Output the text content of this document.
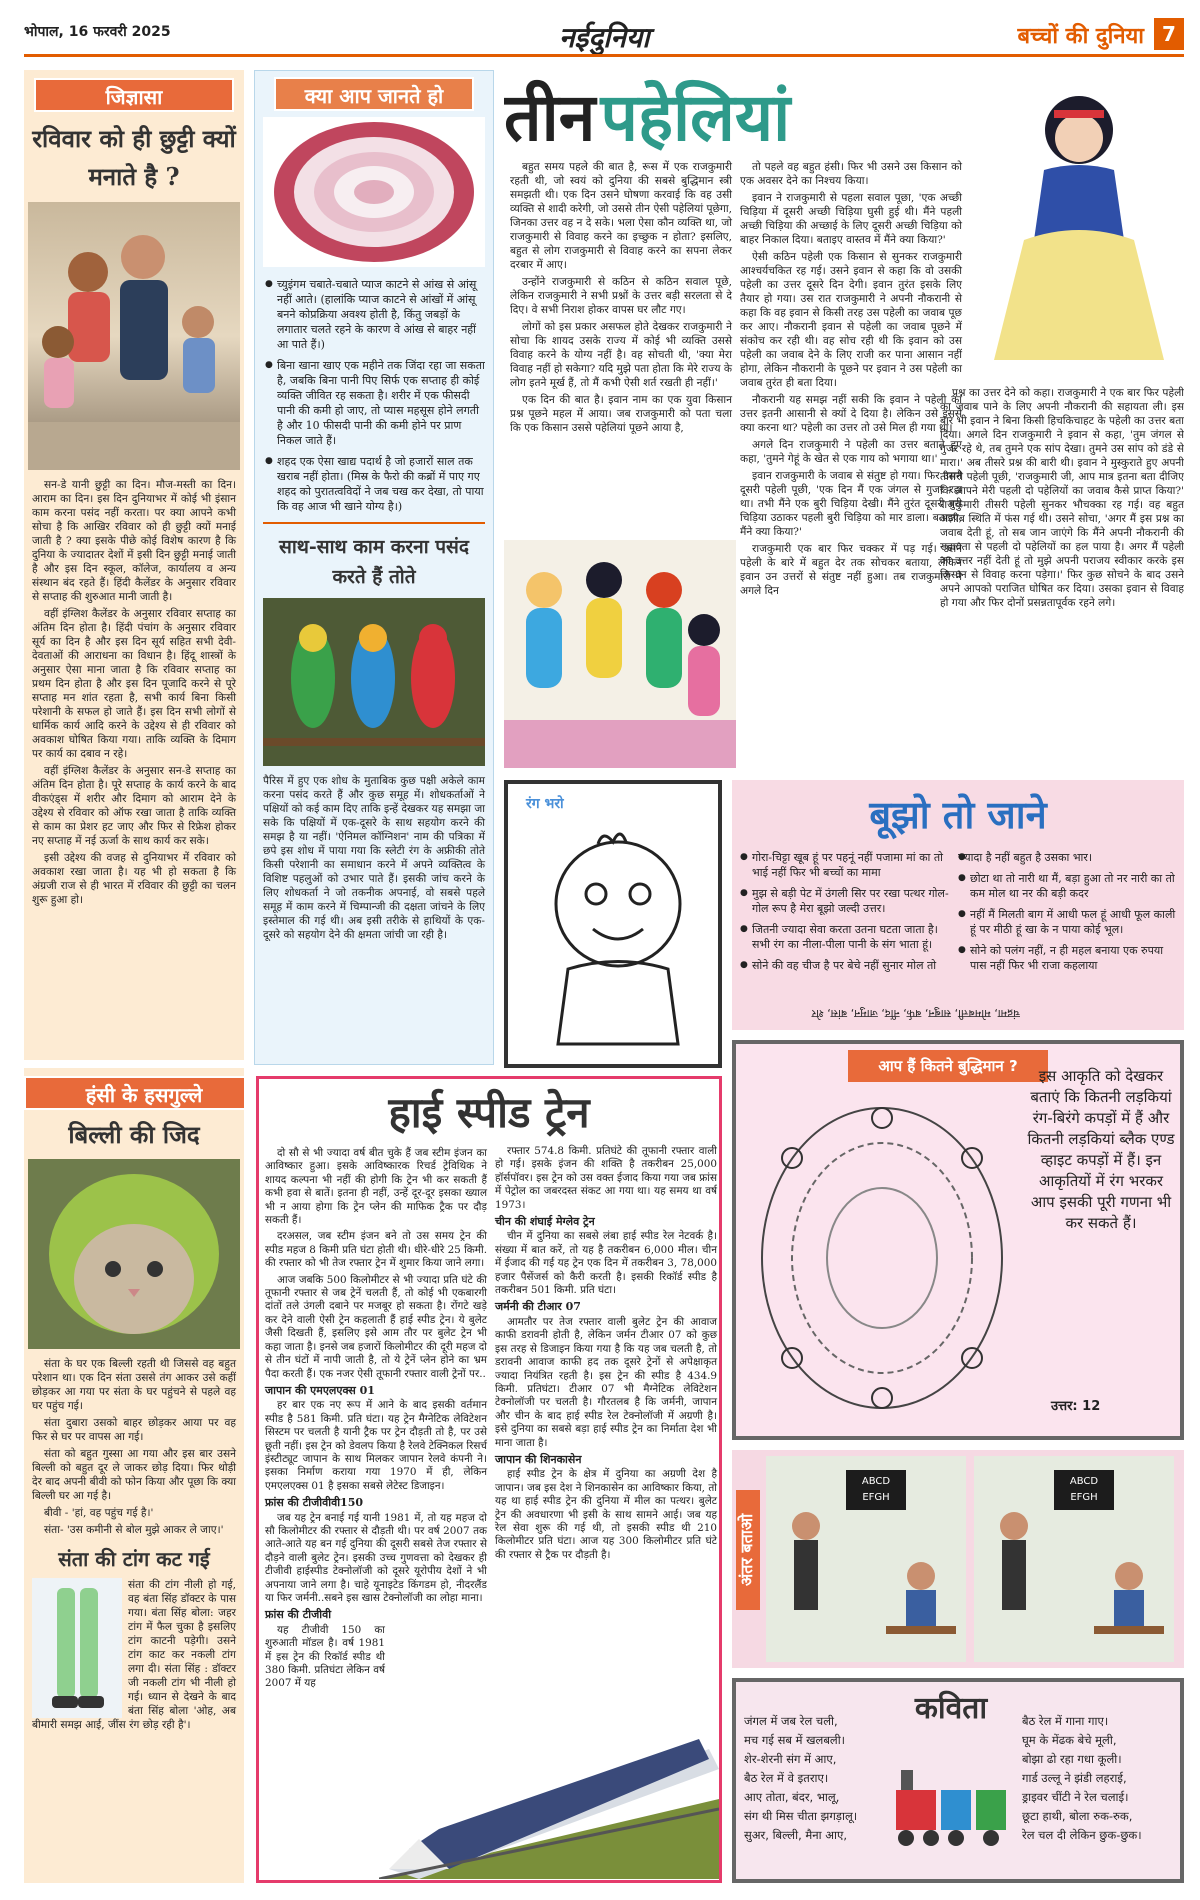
भोपाल, 16 फरवरी 2025	नईदुनिया	बच्चों की दुनिया 7
जिज्ञासा
रविवार को ही छुट्टी क्यों मनाते है ?

सन-डे यानी छुट्टी का दिन। मौज-मस्ती का दिन। आराम का दिन। इस दिन दुनियाभर में कोई भी इंसान काम करना पसंद नहीं करता। पर क्या आपने कभी सोचा है कि आखिर रविवार को ही छुट्टी क्यों मनाई जाती है ? क्या इसके पीछे कोई विशेष कारण है कि दुनिया के ज्यादातर देशों में इसी दिन छुट्टी मनाई जाती है और इस दिन स्कूल, कॉलेज, कार्यालय व अन्य संस्थान बंद रहते हैं। हिंदी कैलेंडर के अनुसार रविवार से सप्ताह की शुरुआत मानी जाती है।

वहीं इंग्लिश कैलेंडर के अनुसार रविवार सप्ताह का अंतिम दिन होता है। हिंदी पंचांग के अनुसार रविवार सूर्य का दिन है और इस दिन सूर्य सहित सभी देवी-देवताओं की आराधना का विधान है। हिंदू शास्त्रों के अनुसार ऐसा माना जाता है कि रविवार सप्ताह का प्रथम दिन होता है और इस दिन पूजादि करने से पूरे सप्ताह मन शांत रहता है, सभी कार्य बिना किसी परेशानी के सफल हो जाते हैं। इस दिन सभी लोगों से धार्मिक कार्य आदि करने के उद्देश्य से ही रविवार को अवकाश घोषित किया गया। ताकि व्यक्ति के दिमाग पर कार्य का दबाव न रहे।

वहीं इंग्लिश कैलेंडर के अनुसार सन-डे सप्ताह का अंतिम दिन होता है। पूरे सप्ताह के कार्य करने के बाद वीकएंड्स में शरीर और दिमाग को आराम देने के उद्देश्य से रविवार को ऑफ रखा जाता है ताकि व्यक्ति से काम का प्रेशर हट जाए और फिर से रिफ्रेश होकर नए सप्ताह में नई ऊर्जा के साथ कार्य कर सके।

इसी उद्देश्य की वजह से दुनियाभर में रविवार को अवकाश रखा जाता है। यह भी हो सकता है कि अंग्रजी राज से ही भारत में रविवार की छुट्टी का चलन शुरू हुआ हो।

हंसी के हसगुल्ले
बिल्ली की जिद

संता के घर एक बिल्ली रहती थी जिससे वह बहुत परेशान था। एक दिन संता उससे तंग आकर उसे कहीं छोड़कर आ गया पर संता के घर पहुंचने से पहले वह घर पहुंच गई।

संता दुबारा उसको बाहर छोड़कर आया पर वह फिर से घर पर वापस आ गई।

संता को बहुत गुस्सा आ गया और इस बार उसने बिल्ली को बहुत दूर ले जाकर छोड़ दिया। फिर थोड़ी देर बाद अपनी बीवी को फोन किया और पूछा कि क्या बिल्ली घर आ गई है।

बीवी - 'हां, वह पहुंच गई है।'

संता- 'उस कमीनी से बोल मुझे आकर ले जाए।'

संता की टांग कट गई
संता की टांग नीली हो गई, वह बंता सिंह डॉक्टर के पास गया। बंता सिंह बोला: जहर टांग में फैल चुका है इसलिए टांग काटनी पड़ेगी। उसने टांग काट कर नकली टांग लगा दी। संता सिंह : डॉक्टर जी नकली टांग भी नीली हो गई। ध्यान से देखने के बाद बंता सिंह बोला 'ओह, अब बीमारी समझ आई, जींस रंग छोड़ रही है'।
क्या आप जानते हो
● च्युइंगम चबाते-चबाते प्याज काटने से आंख से आंसू नहीं आते। (हालांकि प्याज काटने से आंखों में आंसू बनने कोप्रक्रिया अवश्य होती है, किंतु जबड़ों के लगातार चलते रहने के कारण वे आंख से बाहर नहीं आ पाते हैं।)
● बिना खाना खाए एक महीने तक जिंदा रहा जा सकता है, जबकि बिना पानी पिए सिर्फ एक सप्ताह ही कोई व्यक्ति जीवित रह सकता है। शरीर में एक फीसदी पानी की कमी हो जाए, तो प्यास महसूस होने लगती है और 10 फीसदी पानी की कमी होने पर प्राण निकल जाते हैं।
● शहद एक ऐसा खाद्य पदार्थ है जो हजारों साल तक खराब नहीं होता। (मिस्र के फैरो की कब्रों में पाए गए शहद को पुरातत्वविदों ने जब चख कर देखा, तो पाया कि वह आज भी खाने योग्य है।)
साथ-साथ काम करना पसंद करते हैं तोते
पैरिस में हुए एक शोध के मुताबिक कुछ पक्षी अकेले काम करना पसंद करते हैं और कुछ समूह में। शोधकर्ताओं ने पक्षियों को कई काम दिए ताकि इन्हें देखकर यह समझा जा सके कि पक्षियों में एक-दूसरे के साथ सहयोग करने की समझ है या नहीं। 'ऐनिमल कॉग्निशन' नाम की पत्रिका में छपे इस शोध में पाया गया कि स्लेटी रंग के अफ्रीकी तोते किसी परेशानी का समाधान करने में अपने व्यक्तित्व के विशिष्ट पहलुओं को उभार पाते हैं। इसकी जांच करने के लिए शोधकर्ता ने जो तकनीक अपनाई, वो सबसे पहले समूह में काम करने में चिम्पान्जी की दक्षता जांचने के लिए इस्तेमाल की गई थी। अब इसी तरीके से हाथियों के एक-दूसरे को सहयोग देने की क्षमता जांची जा रही है।
तीन पहेलियां

बहुत समय पहले की बात है, रूस में एक राजकुमारी रहती थी, जो स्वयं को दुनिया की सबसे बुद्धिमान स्त्री समझती थी। एक दिन उसने घोषणा करवाई कि वह उसी व्यक्ति से शादी करेगी, जो उससे तीन ऐसी पहेलियां पूछेगा, जिनका उत्तर वह न दे सके। भला ऐसा कौन व्यक्ति था, जो राजकुमारी से विवाह करने का इच्छुक न होता? इसलिए, बहुत से लोग राजकुमारी से विवाह करने का सपना लेकर दरबार में आए।

उन्होंने राजकुमारी से कठिन से कठिन सवाल पूछे, लेकिन राजकुमारी ने सभी प्रश्नों के उत्तर बड़ी सरलता से दे दिए। वे सभी निराश होकर वापस घर लौट गए।

लोगों को इस प्रकार असफल होते देखकर राजकुमारी ने सोचा कि शायद उसके राज्य में कोई भी व्यक्ति उससे विवाह करने के योग्य नहीं है। वह सोचती थी, 'क्या मेरा विवाह नहीं हो सकेगा? यदि मुझे पता होता कि मेरे राज्य के लोग इतने मूर्ख हैं, तो मैं कभी ऐसी शर्त रखती ही नहीं।'

एक दिन की बात है। इवान नाम का एक युवा किसान प्रश्न पूछने महल में आया। जब राजकुमारी को पता चला कि एक किसान उससे पहेलियां पूछने आया है,

तो पहले वह बहुत हंसी। फिर भी उसने उस किसान को एक अवसर देने का निश्चय किया।

इवान ने राजकुमारी से पहला सवाल पूछा, 'एक अच्छी चिड़िया में दूसरी अच्छी चिड़िया घुसी हुई थी। मैंने पहली अच्छी चिड़िया की अच्छाई के लिए दूसरी अच्छी चिड़िया को बाहर निकाल दिया। बताइए वास्तव में मैंने क्या किया?'

ऐसी कठिन पहेली एक किसान से सुनकर राजकुमारी आश्चर्यचकित रह गई। उसने इवान से कहा कि वो उसकी पहेली का उत्तर दूसरे दिन देगी। इवान तुरंत इसके लिए तैयार हो गया। उस रात राजकुमारी ने अपनी नौकरानी से कहा कि वह इवान से किसी तरह उस पहेली का जवाब पूछ कर आए। नौकरानी इवान से पहेली का जवाब पूछने में संकोच कर रही थी। वह सोच रही थी कि इवान को उस पहेली का जवाब देने के लिए राजी कर पाना आसान नहीं होगा, लेकिन नौकरानी के पूछने पर इवान ने उस पहेली का जवाब तुरंत ही बता दिया।

नौकरानी यह समझ नहीं सकी कि इवान ने पहेली का उत्तर इतनी आसानी से क्यों दे दिया है। लेकिन उसे इससे क्या करना था? पहेली का उत्तर तो उसे मिल ही गया था।

अगले दिन राजकुमारी ने पहेली का उत्तर बताते हुए कहा, 'तुमने गेहूं के खेत से एक गाय को भगाया था।'

इवान राजकुमारी के जवाब से संतुष्ट हो गया। फिर उसने दूसरी पहेली पूछी, 'एक दिन मैं एक जंगल से गुजर रहा था। तभी मैंने एक बुरी चिड़िया देखी। मैंने तुरंत दूसरी बुरी चिड़िया उठाकर पहली बुरी चिड़िया को मार डाला। बताइए, मैंने क्या किया?'

राजकुमारी एक बार फिर चक्कर में पड़ गई। उसने पहेली के बारे में बहुत देर तक सोचकर बताया, लेकिन इवान उन उत्तरों से संतुष्ट नहीं हुआ। तब राजकुमारी ने अगले दिन

प्रश्न का उत्तर देने को कहा। राजकुमारी ने एक बार फिर पहेली का जवाब पाने के लिए अपनी नौकरानी की सहायता ली। इस बार भी इवान ने बिना किसी हिचकिचाहट के पहेली का उत्तर बता दिया। अगले दिन राजकुमारी ने इवान से कहा, 'तुम जंगल से गुजर रहे थे, तब तुमने एक सांप देखा। तुमने उस सांप को डंडे से मारा।' अब तीसरे प्रश्न की बारी थी। इवान ने मुस्कुराते हुए अपनी तीसरी पहेली पूछी, 'राजकुमारी जी, आप मात्र इतना बता दीजिए कि आपने मेरी पहली दो पहेलियों का जवाब कैसे प्राप्त किया?' राजकुमारी तीसरी पहेली सुनकर भौचक्का रह गई। वह बहुत अजीब स्थिति में फंस गई थी। उसने सोचा, 'अगर मैं इस प्रश्न का जवाब देती हूं, तो सब जान जाएंगे कि मैंने अपनी नौकरानी की सहायता से पहली दो पहेलियों का हल पाया है। अगर मैं पहेली का उत्तर नहीं देती हूं तो मुझे अपनी पराजय स्वीकार करके इस किसान से विवाह करना पड़ेगा।' फिर कुछ सोचने के बाद उसने अपने आपको पराजित घोषित कर दिया। उसका इवान से विवाह हो गया और फिर दोनों प्रसन्नतापूर्वक रहने लगे।

रंग भरो	बूझो तो जाने
● गोरा-चिट्टा खूब हूं पर पहनूं नहीं पजामा मां का तो भाई नहीं फिर भी बच्चों का मामा
● मुझ से बड़ी पेट में उंगली सिर पर रखा पत्थर गोल-गोल रूप है मेरा बूझो जल्दी उत्तर।
● जितनी ज्यादा सेवा करता उतना घटता जाता है। सभी रंग का नीला-पीला पानी के संग भाता हूं।
● सोने की वह चीज है पर बेचे नहीं सुनार मोल तो
● ज्यादा है नहीं बहुत है उसका भार।
● छोटा था तो नारी था मैं, बड़ा हुआ तो नर नारी का तो कम मोल था नर की बड़ी कदर
● नहीं मैं मिलती बाग में आधी फल हूं आधी फूल काली हूं पर मीठी हूं खा के न पाया कोई भूल।
● सोने को पलंग नहीं, न ही महल बनाया एक रुपया पास नहीं फिर भी राजा कहलाया
चंद्रमा, मोमबत्ती, साबुन, बर्फ, नींद, जामुन, बांस, शेर
आप हैं कितने बुद्धिमान ?
इस आकृति को देखकर बताएं कि कितनी लड़कियां रंग-बिरंगे कपड़ों में हैं और कितनी लड़कियां ब्लैक एण्ड व्हाइट कपड़ों में हैं। इन आकृतियों में रंग भरकर आप इसकी पूरी गणना भी कर सकते हैं।
उत्तर: 12
अंतर बताओ
ABCD
EFGH
ABCD
EFGH
कविता
जंगल में जब रेल चली,
मच गई सब में खलबली।
शेर-शेरनी संग में आए,
बैठ रेल में वे इतराए।
आए तोता, बंदर, भालू,
संग थी मिस चीता झगड़ालू।
सुअर, बिल्ली, मैना आए,
बैठ रेल में गाना गाए।
घूम के मेंढक बेचे मूली,
बोझा ढो रहा गधा कूली।
गार्ड उल्लू ने झंडी लहराई,
ड्राइवर चींटी ने रेल चलाई।
छूटा हाथी, बोला रुक-रुक,
रेल चल दी लेकिन छुक-छुक।
हाई स्पीड ट्रेन

दो सौ से भी ज्यादा वर्ष बीत चुके हैं जब स्टीम इंजन का आविष्कार हुआ। इसके आविष्कारक रिचर्ड ट्रेविथिक ने शायद कल्पना भी नहीं की होगी कि ट्रेन भी कर सकती हैं कभी हवा से बातें। इतना ही नहीं, उन्हें दूर-दूर इसका ख्याल भी न आया होगा कि ट्रेन प्लेन की माफिक ट्रैक पर दौड़ सकती हैं।

दरअसल, जब स्टीम इंजन बने तो उस समय ट्रेन की स्पीड महज 8 किमी प्रति घंटा होती थी। धीरे-धीरे 25 किमी. की रफ्तार को भी तेज रफ्तार ट्रेन में शुमार किया जाने लगा।

आज जबकि 500 किलोमीटर से भी ज्यादा प्रति घंटे की तूफानी रफ्तार से जब ट्रेनें चलती हैं, तो कोई भी एकबारगी दांतों तले उंगली दबाने पर मजबूर हो सकता है। रोंगटे खड़े कर देने वाली ऐसी ट्रेन कहलाती हैं हाई स्पीड ट्रेन। ये बुलेट जैसी दिखती हैं, इसलिए इसे आम तौर पर बुलेट ट्रेन भी कहा जाता है। इनसे जब हजारों किलोमीटर की दूरी महज दो से तीन घंटों में नापी जाती है, तो ये ट्रेनें प्लेन होने का भ्रम पैदा करती हैं। एक नजर ऐसी तूफानी रफ्तार वाली ट्रेनों पर..

जापान की एमएलएक्स 01

हर बार एक नए रूप में आने के बाद इसकी वर्तमान स्पीड है 581 किमी. प्रति घंटा। यह ट्रेन मैग्नेटिक लेविटेशन सिस्टम पर चलती है यानी ट्रैक पर ट्रेन दौड़ती तो है, पर उसे छूती नहीं। इस ट्रेन को डेवलप किया है रेलवे टेक्निकल रिसर्च इंस्टीट्यूट जापान के साथ मिलकर जापान रेलवे कंपनी ने। इसका निर्माण कराया गया 1970 में ही, लेकिन एमएलएक्स 01 है इसका सबसे लेटेस्ट डिजाइन।

फ्रांस की टीजीवीवी150

जब यह ट्रेन बनाई गई यानी 1981 में, तो यह महज दो सौ किलोमीटर की रफ्तार से दौड़ती थी। पर वर्ष 2007 तक आते-आते यह बन गई दुनिया की दूसरी सबसे तेज रफ्तार से दौड़ने वाली बुलेट ट्रेन। इसकी उच्च गुणवत्ता को देखकर ही टीजीवी हाईस्पीड टेक्नोलॉजी को दूसरे यूरोपीय देशों ने भी अपनाया जाने लगा है। चाहे यूनाइटेड किंगडम हो, नीदरलैंड या फिर जर्मनी..सबने इस खास टेक्नोलॉजी का लोहा माना।

फ्रांस की टीजीवी

यह टीजीवी 150 का शुरुआती मॉडल है। वर्ष 1981 में इस ट्रेन की रिकॉर्ड स्पीड थी 380 किमी. प्रतिघंटा लेकिन वर्ष 2007 में यह

रफ्तार 574.8 किमी. प्रतिघंटे की तूफानी रफ्तार वाली हो गई। इसके इंजन की शक्ति है तकरीबन 25,000 हॉर्सपॉवर। इस ट्रेन को उस वक्त ईजाद किया गया जब फ्रांस में पेट्रोल का जबरदस्त संकट आ गया था। यह समय था वर्ष 1973।

चीन की शंघाई मेग्लेव ट्रेन

चीन में दुनिया का सबसे लंबा हाई स्पीड रेल नेटवर्क है। संख्या में बात करें, तो यह है तकरीबन 6,000 मील। चीन में ईजाद की गई यह ट्रेन एक दिन में तकरीबन 3, 78,000 हजार पैसेंजर्स को कैरी करती है। इसकी रिकॉर्ड स्पीड है तकरीबन 501 किमी. प्रति घंटा।

जर्मनी की टीआर 07

आमतौर पर तेज रफ्तार वाली बुलेट ट्रेन की आवाज काफी डरावनी होती है, लेकिन जर्मन टीआर 07 को कुछ इस तरह से डिजाइन किया गया है कि यह जब चलती है, तो डरावनी आवाज काफी हद तक दूसरे ट्रेनों से अपेक्षाकृत ज्यादा नियंत्रित रहती है। इस ट्रेन की स्पीड है 434.9 किमी. प्रतिघंटा। टीआर 07 भी मैग्नेटिक लेविटेशन टेक्नोलॉजी पर चलती है। गौरतलब है कि जर्मनी, जापान और चीन के बाद हाई स्पीड रेल टेक्नोलॉजी में अग्रणी है। इसे दुनिया का सबसे बड़ा हाई स्पीड ट्रेन का निर्माता देश भी माना जाता है।

जापान की शिनकासेन

हाई स्पीड ट्रेन के क्षेत्र में दुनिया का अग्रणी देश है जापान। जब इस देश ने शिनकासेन का आविष्कार किया, तो यह था हाई स्पीड ट्रेन की दुनिया में मील का पत्थर। बुलेट ट्रेन की अवधारणा भी इसी के साथ सामने आई। जब यह रेल सेवा शुरू की गई थी, तो इसकी स्पीड थी 210 किलोमीटर प्रति घंटा। आज यह 300 किलोमीटर प्रति घंटे की रफ्तार से ट्रैक पर दौड़ती है।
